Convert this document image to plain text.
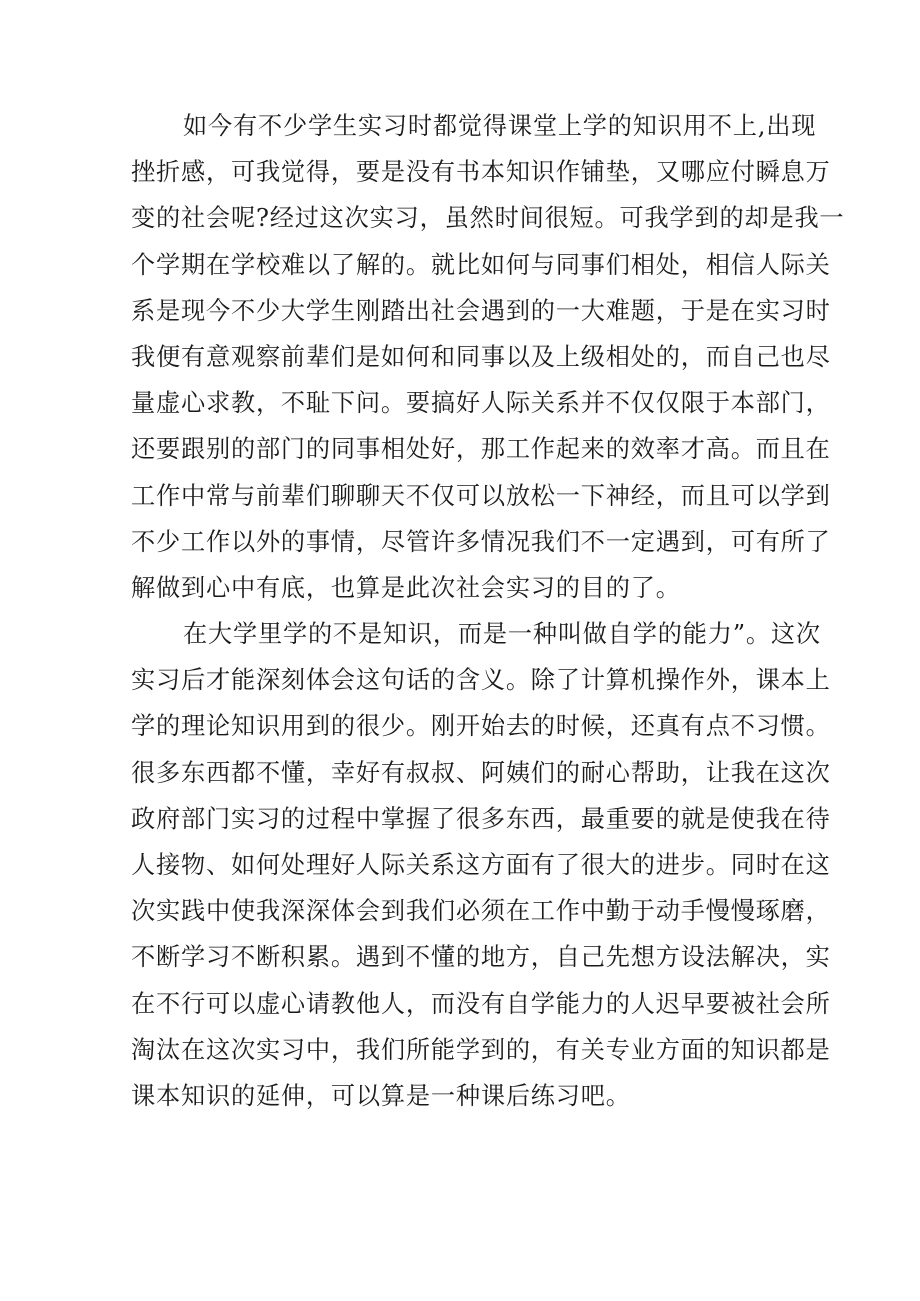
如今有不少学生实习时都觉得课堂上学的知识用不上,出现
挫折感，可我觉得，要是没有书本知识作铺垫，又哪应付瞬息万
变的社会呢?经过这次实习，虽然时间很短。可我学到的却是我一
个学期在学校难以了解的。就比如何与同事们相处，相信人际关
系是现今不少大学生刚踏出社会遇到的一大难题，于是在实习时
我便有意观察前辈们是如何和同事以及上级相处的，而自己也尽
量虚心求教，不耻下问。要搞好人际关系并不仅仅限于本部门，
还要跟别的部门的同事相处好，那工作起来的效率才高。而且在
工作中常与前辈们聊聊天不仅可以放松一下神经，而且可以学到
不少工作以外的事情，尽管许多情况我们不一定遇到，可有所了
解做到心中有底，也算是此次社会实习的目的了。
在大学里学的不是知识，而是一种叫做自学的能力”。这次
实习后才能深刻体会这句话的含义。除了计算机操作外，课本上
学的理论知识用到的很少。刚开始去的时候，还真有点不习惯。
很多东西都不懂，幸好有叔叔、阿姨们的耐心帮助，让我在这次
政府部门实习的过程中掌握了很多东西，最重要的就是使我在待
人接物、如何处理好人际关系这方面有了很大的进步。同时在这
次实践中使我深深体会到我们必须在工作中勤于动手慢慢琢磨，
不断学习不断积累。遇到不懂的地方，自己先想方设法解决，实
在不行可以虚心请教他人，而没有自学能力的人迟早要被社会所
淘汰在这次实习中，我们所能学到的，有关专业方面的知识都是
课本知识的延伸，可以算是一种课后练习吧。
